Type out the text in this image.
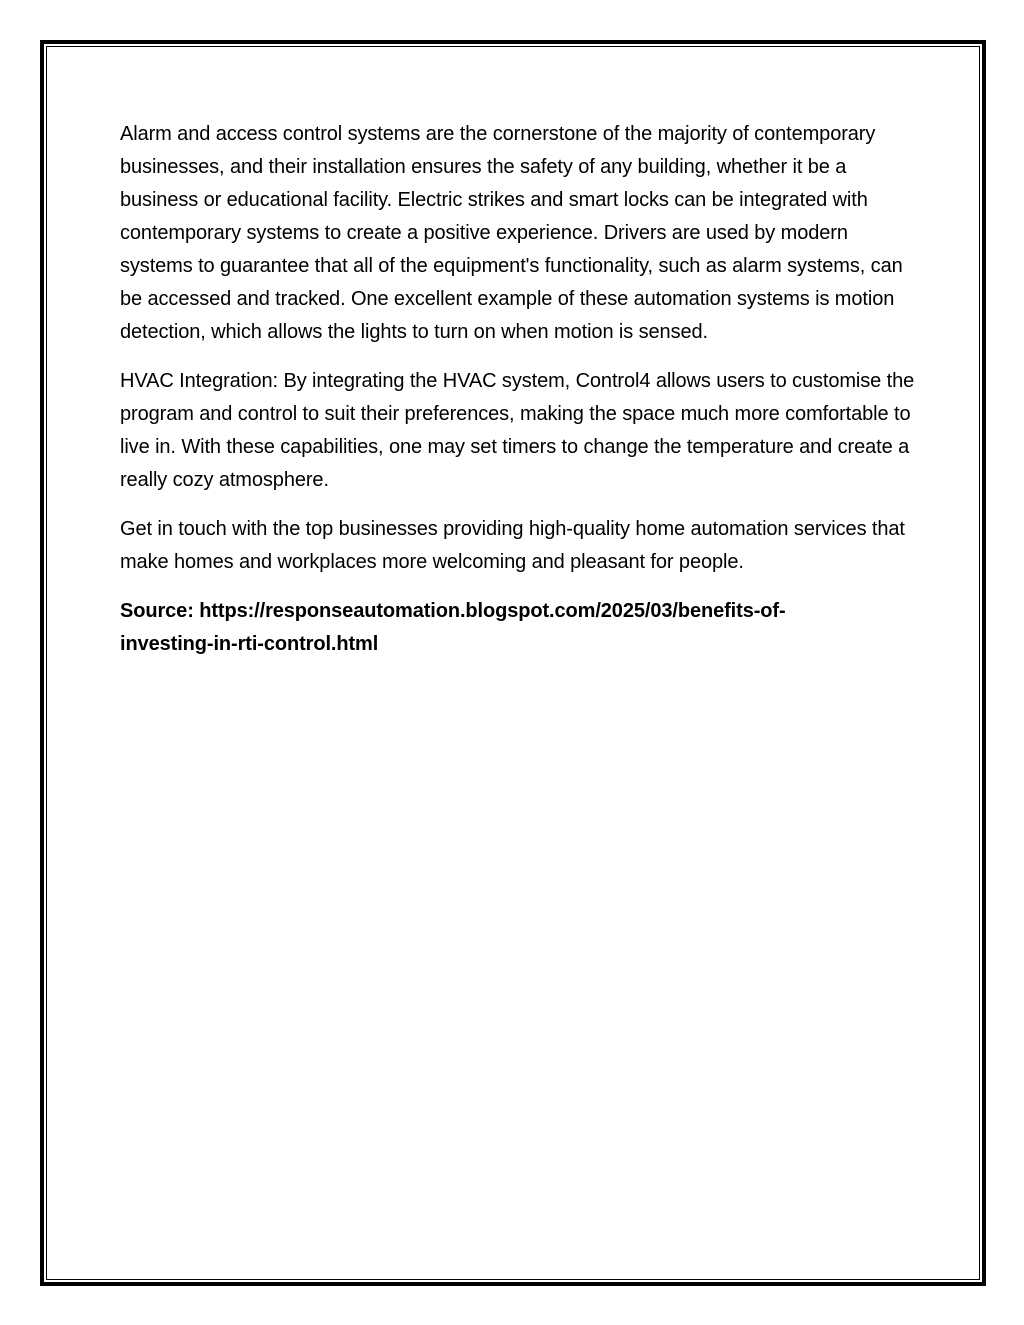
Alarm and access control systems are the cornerstone of the majority of contemporary businesses, and their installation ensures the safety of any building, whether it be a business or educational facility. Electric strikes and smart locks can be integrated with contemporary systems to create a positive experience. Drivers are used by modern systems to guarantee that all of the equipment's functionality, such as alarm systems, can be accessed and tracked. One excellent example of these automation systems is motion detection, which allows the lights to turn on when motion is sensed.

HVAC Integration: By integrating the HVAC system, Control4 allows users to customise the program and control to suit their preferences, making the space much more comfortable to live in. With these capabilities, one may set timers to change the temperature and create a really cozy atmosphere.

Get in touch with the top businesses providing high-quality home automation services that make homes and workplaces more welcoming and pleasant for people.

Source: https://responseautomation.blogspot.com/2025/03/benefits-of-
investing-in-rti-control.html
